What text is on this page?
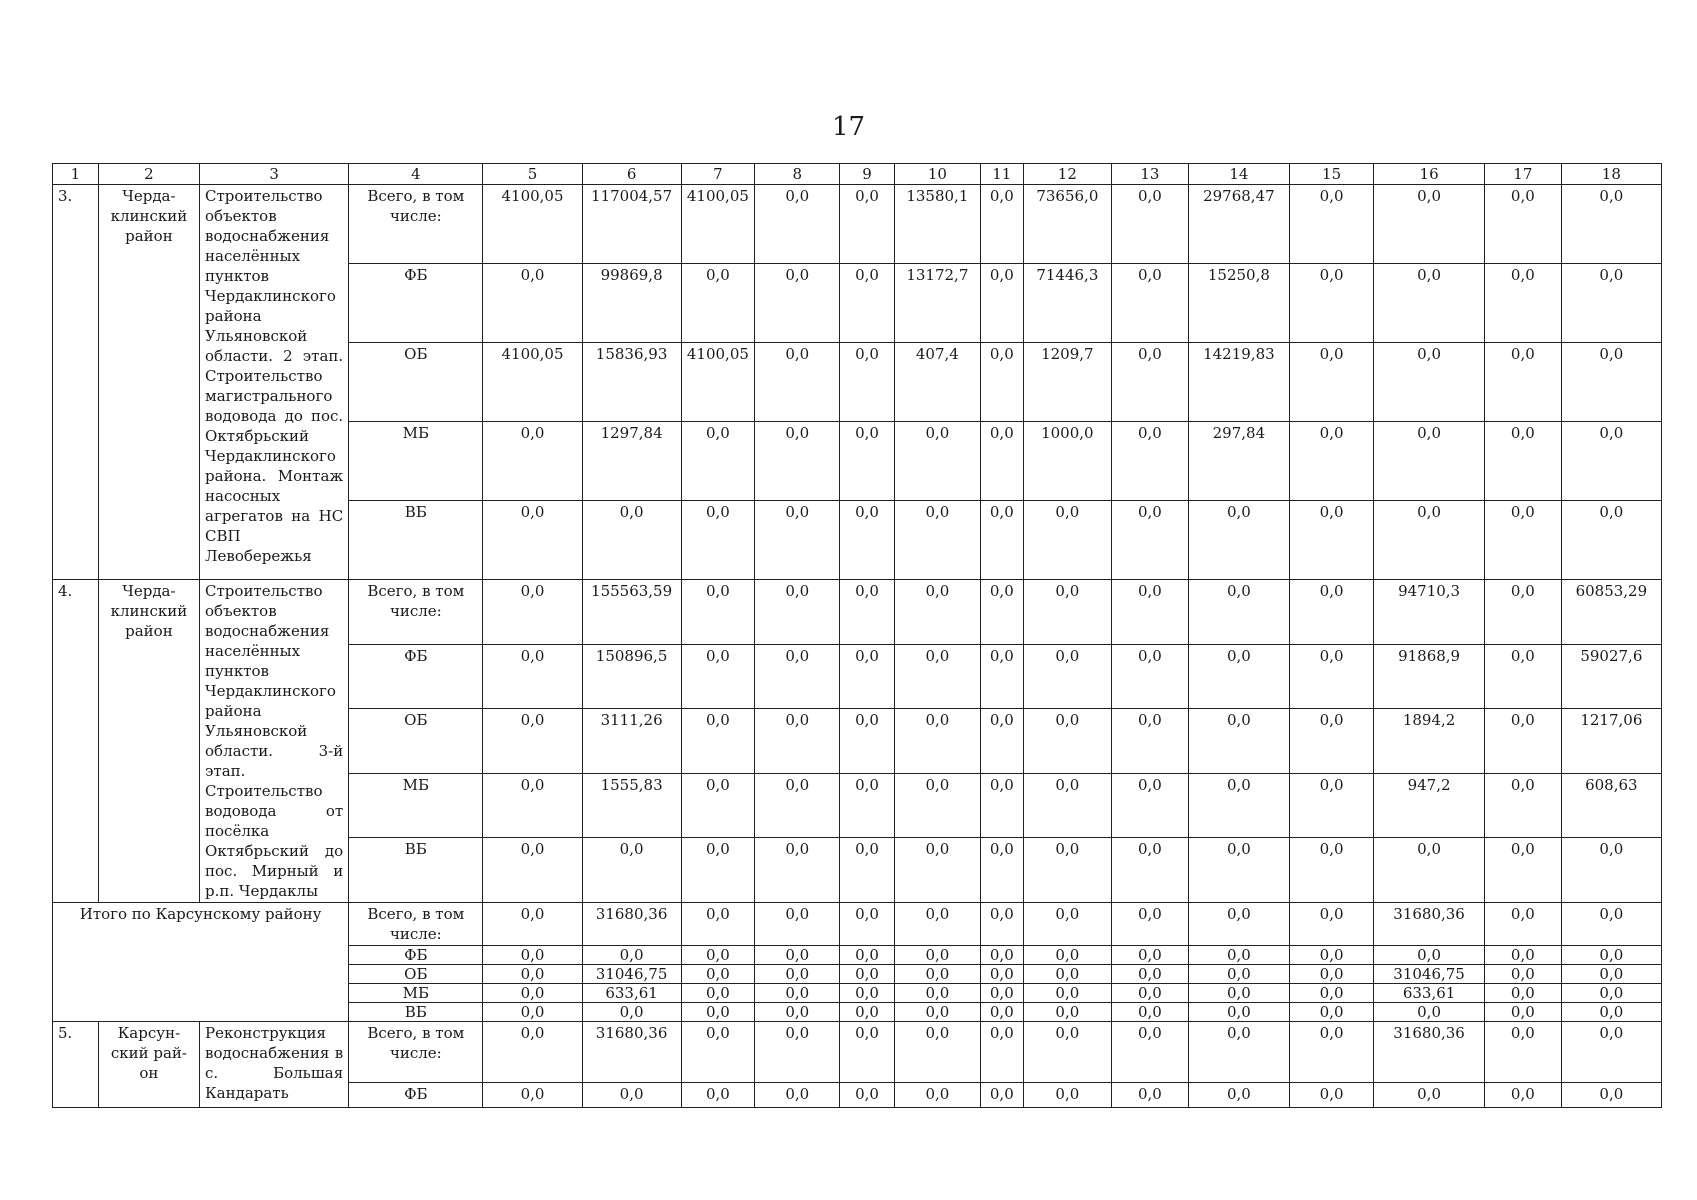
17
1	2	3	4	5	6	7	8	9	10	11	12	13	14	15	16	17	18
3.	Черда-клинский район	Строительство объектов водоснабжения населённых пунктов Чердаклинского района Ульяновской области. 2 этап. Строительство магистрального водовода до пос. Октябрьский Чердаклинского района. Монтаж насосных агрегатов на НС СВП Левобережья	Всего, в том числе:	4100,05	117004,57	4100,05	0,0	0,0	13580,1	0,0	73656,0	0,0	29768,47	0,0	0,0	0,0	0,0
			ФБ	0,0	99869,8	0,0	0,0	0,0	13172,7	0,0	71446,3	0,0	15250,8	0,0	0,0	0,0	0,0
			ОБ	4100,05	15836,93	4100,05	0,0	0,0	407,4	0,0	1209,7	0,0	14219,83	0,0	0,0	0,0	0,0
			МБ	0,0	1297,84	0,0	0,0	0,0	0,0	0,0	1000,0	0,0	297,84	0,0	0,0	0,0	0,0
			ВБ	0,0	0,0	0,0	0,0	0,0	0,0	0,0	0,0	0,0	0,0	0,0	0,0	0,0	0,0
4.	Черда-клинский район	Строительство объектов водоснабжения населённых пунктов Чердаклинского района Ульяновской области. 3-й этап. Строительство водовода от посёлка Октябрьский до пос. Мирный и р.п. Чердаклы	Всего, в том числе:	0,0	155563,59	0,0	0,0	0,0	0,0	0,0	0,0	0,0	0,0	0,0	94710,3	0,0	60853,29
			ФБ	0,0	150896,5	0,0	0,0	0,0	0,0	0,0	0,0	0,0	0,0	0,0	91868,9	0,0	59027,6
			ОБ	0,0	3111,26	0,0	0,0	0,0	0,0	0,0	0,0	0,0	0,0	0,0	1894,2	0,0	1217,06
			МБ	0,0	1555,83	0,0	0,0	0,0	0,0	0,0	0,0	0,0	0,0	0,0	947,2	0,0	608,63
			ВБ	0,0	0,0	0,0	0,0	0,0	0,0	0,0	0,0	0,0	0,0	0,0	0,0	0,0	0,0
Итого по Карсунскому району			Всего, в том числе:	0,0	31680,36	0,0	0,0	0,0	0,0	0,0	0,0	0,0	0,0	0,0	31680,36	0,0	0,0
			ФБ	0,0	0,0	0,0	0,0	0,0	0,0	0,0	0,0	0,0	0,0	0,0	0,0	0,0	0,0
			ОБ	0,0	31046,75	0,0	0,0	0,0	0,0	0,0	0,0	0,0	0,0	0,0	31046,75	0,0	0,0
			МБ	0,0	633,61	0,0	0,0	0,0	0,0	0,0	0,0	0,0	0,0	0,0	633,61	0,0	0,0
			ВБ	0,0	0,0	0,0	0,0	0,0	0,0	0,0	0,0	0,0	0,0	0,0	0,0	0,0	0,0
5.	Карсун-ский рай-он	Реконструкция водоснабжения в с. Большая Кандарать	Всего, в том числе:	0,0	31680,36	0,0	0,0	0,0	0,0	0,0	0,0	0,0	0,0	0,0	31680,36	0,0	0,0
			ФБ	0,0	0,0	0,0	0,0	0,0	0,0	0,0	0,0	0,0	0,0	0,0	0,0	0,0	0,0
